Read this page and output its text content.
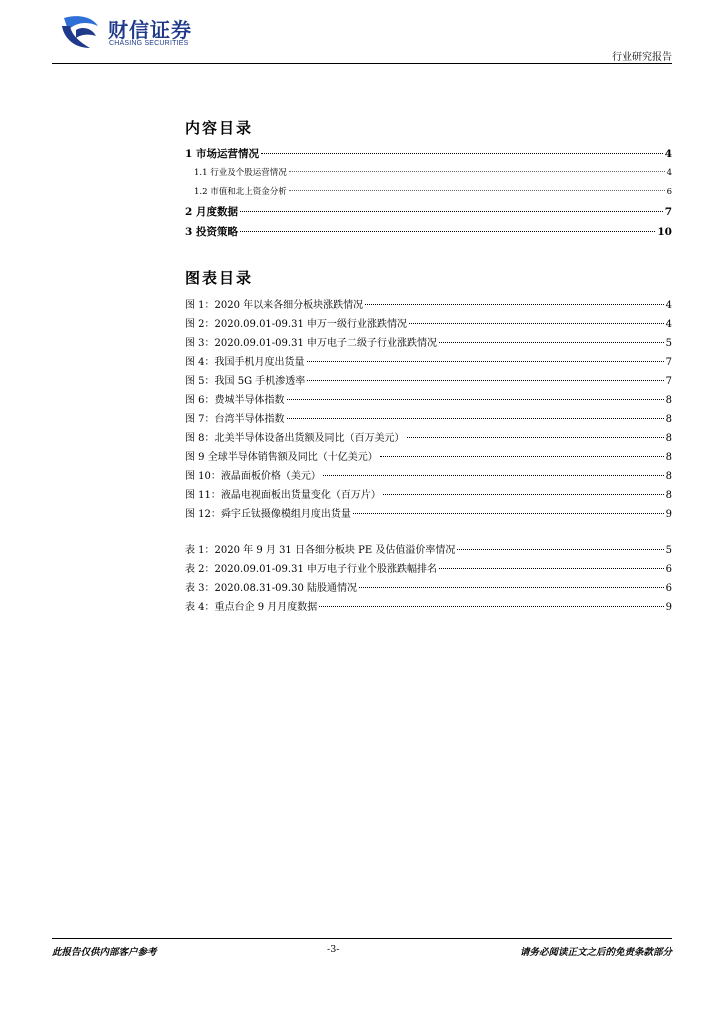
财信证券
CHASING SECURITIES
行业研究报告
内容目录
1 市场运营情况	4
1.1 行业及个股运营情况	4
1.2 市值和北上资金分析	6
2 月度数据	7
3 投资策略	10
图表目录
图 1：2020 年以来各细分板块涨跌情况	4
图 2：2020.09.01-09.31 申万一级行业涨跌情况	4
图 3：2020.09.01-09.31 申万电子二级子行业涨跌情况	5
图 4：我国手机月度出货量	7
图 5：我国 5G 手机渗透率	7
图 6：费城半导体指数	8
图 7：台湾半导体指数	8
图 8：北美半导体设备出货额及同比（百万美元）	8
图 9 全球半导体销售额及同比（十亿美元）	8
图 10：液晶面板价格（美元）	8
图 11：液晶电视面板出货量变化（百万片）	8
图 12：舜宇丘钛摄像模组月度出货量	9
表 1：2020 年 9 月 31 日各细分板块 PE 及估值溢价率情况	5
表 2：2020.09.01-09.31 申万电子行业个股涨跌幅排名	6
表 3：2020.08.31-09.30 陆股通情况	6
表 4：重点台企 9 月月度数据	9
此报告仅供内部客户参考	-3-	请务必阅读正文之后的免责条款部分
